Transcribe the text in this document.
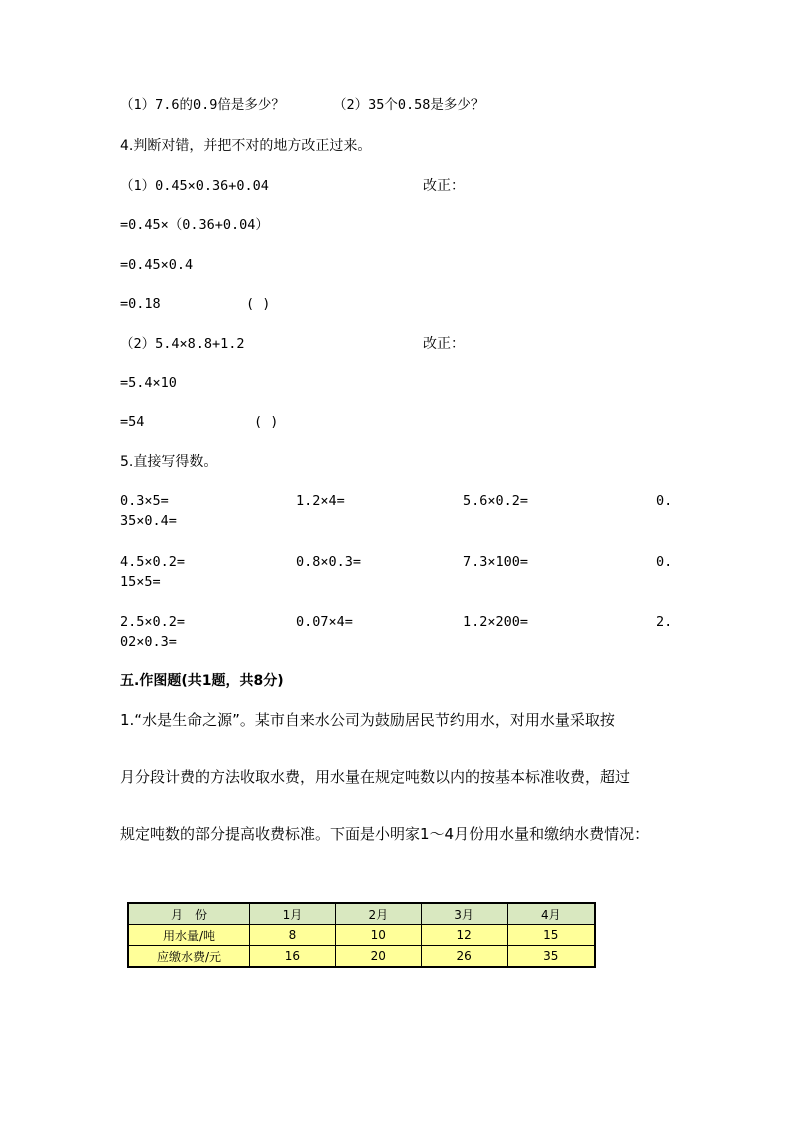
（1）7.6的0.9倍是多少？	（2）35个0.58是多少？
4.判断对错，并把不对的地方改正过来。
（1）0.45×0.36+0.04	改正：
=0.45×（0.36+0.04）
=0.45×0.4
=0.18	( )
（2）5.4×8.8+1.2	改正：
=5.4×10
=54	( )
5.直接写得数。
0.3×5=	1.2×4=	5.6×0.2=	0.
35×0.4=
4.5×0.2=	0.8×0.3=	7.3×100=	0.
15×5=
2.5×0.2=	0.07×4=	1.2×200=	2.
02×0.3=
五.作图题(共1题，共8分)
1.“水是生命之源”。某市自来水公司为鼓励居民节约用水，对用水量采取按
月分段计费的方法收取水费，用水量在规定吨数以内的按基本标准收费，超过
规定吨数的部分提高收费标准。下面是小明家1～4月份用水量和缴纳水费情况：
月　份	1月	2月	3月	4月
用水量/吨	8	10	12	15
应缴水费/元	16	20	26	35
